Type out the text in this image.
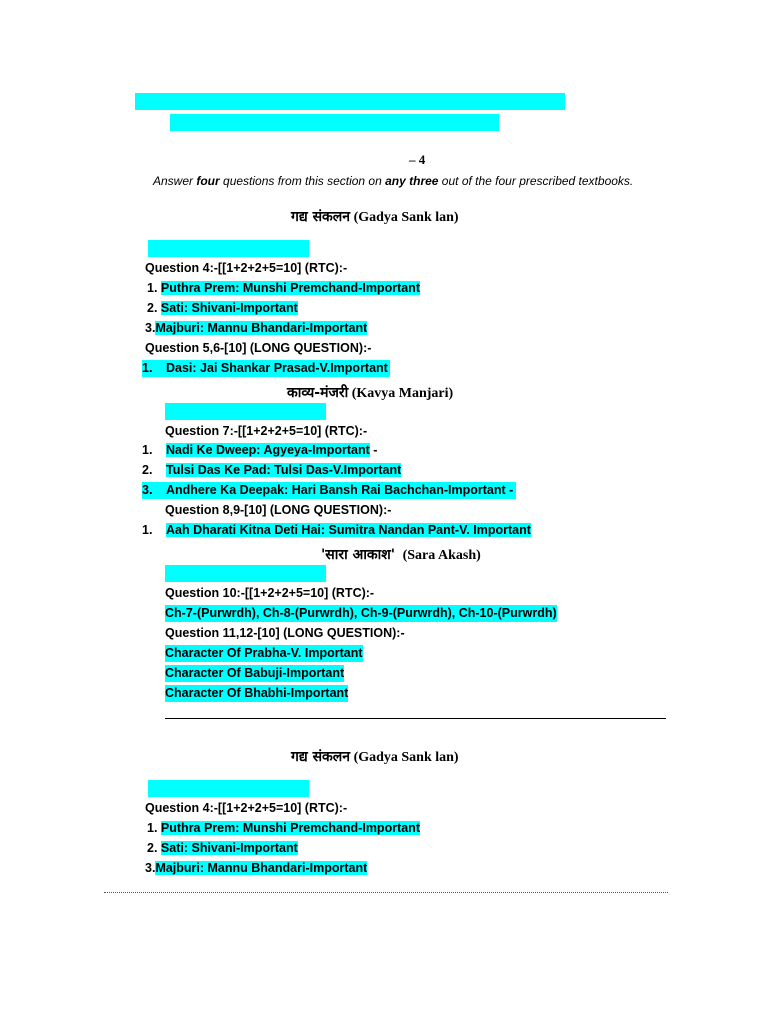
– 4
Answer four questions from this section on any three out of the four prescribed textbooks.
गद्य संकलन (Gadya Sank lan)
Question 4:-[[1+2+2+5=10] (RTC):-
1. Puthra Prem: Munshi Premchand-Important
2. Sati: Shivani-Important
3.Majburi: Mannu Bhandari-Important
Question 5,6-[10] (LONG QUESTION):-
1. Dasi: Jai Shankar Prasad-V.Important
काव्य-मंजरी (Kavya Manjari)
Question 7:-[[1+2+2+5=10] (RTC):-
1. Nadi Ke Dweep: Agyeya-Important -
2. Tulsi Das Ke Pad: Tulsi Das-V.Important
3. Andhere Ka Deepak: Hari Bansh Rai Bachchan-Important -
Question 8,9-[10] (LONG QUESTION):-
1. Aah Dharati Kitna Deti Hai: Sumitra Nandan Pant-V. Important
'सारा आकाश' (Sara Akash)
Question 10:-[[1+2+2+5=10] (RTC):-
Ch-7-(Purwrdh), Ch-8-(Purwrdh), Ch-9-(Purwrdh), Ch-10-(Purwrdh)
Question 11,12-[10] (LONG QUESTION):-
Character Of Prabha-V. Important
Character Of Babuji-Important
Character Of Bhabhi-Important
गद्य संकलन (Gadya Sank lan)
Question 4:-[[1+2+2+5=10] (RTC):-
1. Puthra Prem: Munshi Premchand-Important
2. Sati: Shivani-Important
3.Majburi: Mannu Bhandari-Important
